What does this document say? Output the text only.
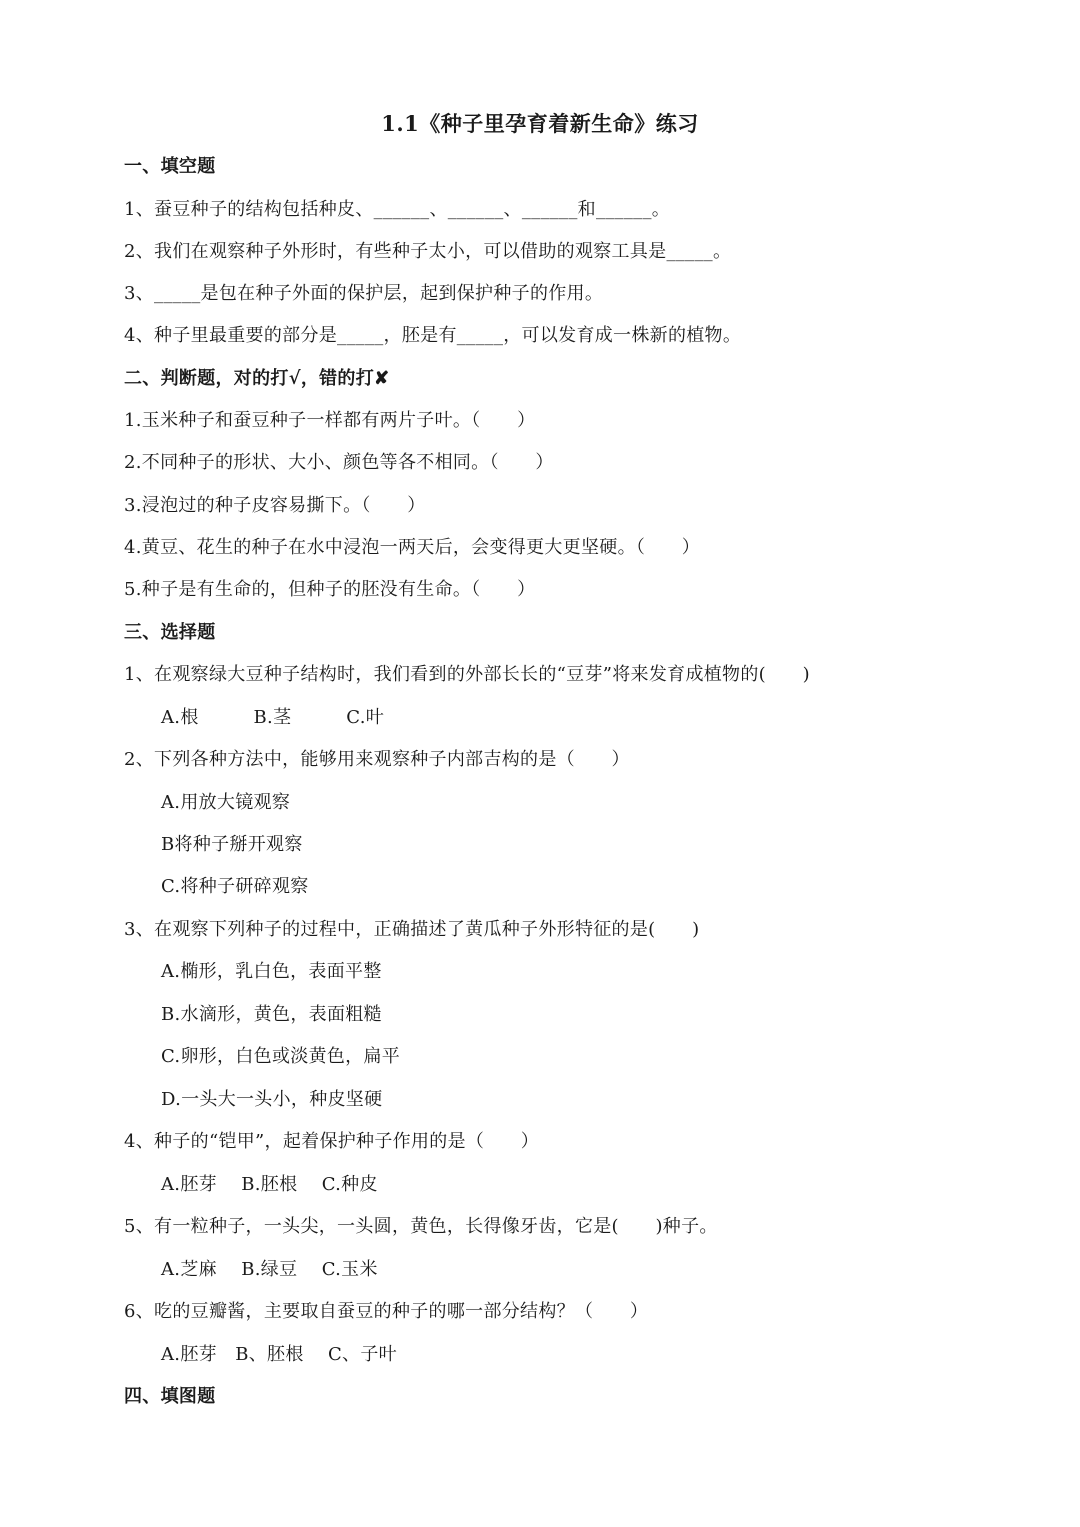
1.1《种子里孕育着新生命》练习
一、填空题
1、蚕豆种子的结构包括种皮、______、______、______和______。
2、我们在观察种子外形时，有些种子太小，可以借助的观察工具是_____。
3、_____是包在种子外面的保护层，起到保护种子的作用。
4、种子里最重要的部分是_____，胚是有_____，可以发育成一株新的植物。
二、判断题，对的打√，错的打✘
1.玉米种子和蚕豆种子一样都有两片子叶。（　　）
2.不同种子的形状、大小、颜色等各不相同。（　　）
3.浸泡过的种子皮容易撕下。（　　）
4.黄豆、花生的种子在水中浸泡一两天后，会变得更大更坚硬。（　　）
5.种子是有生命的，但种子的胚没有生命。（　　）
三、选择题
1、在观察绿大豆种子结构时，我们看到的外部长长的“豆芽”将来发育成植物的(　　)
A.根　　　B.茎　　　C.叶
2、下列各种方法中，能够用来观察种子内部吉构的是（　　）
A.用放大镜观察
B将种子掰开观察
C.将种子研碎观察
3、在观察下列种子的过程中，正确描述了黄瓜种子外形特征的是(　　)
A.椭形，乳白色，表面平整
B.水滴形，黄色，表面粗糙
C.卵形，白色或淡黄色，扁平
D.一头大一头小，种皮坚硬
4、种子的“铠甲”，起着保护种子作用的是（　　）
A.胚芽　 B.胚根　 C.种皮
5、有一粒种子，一头尖，一头圆，黄色，长得像牙齿，它是(　　)种子。
A.芝麻　 B.绿豆　 C.玉米
6、吃的豆瓣酱，主要取自蚕豆的种子的哪一部分结构？（　　）
A.胚芽　B、胚根　 C、子叶
四、填图题
